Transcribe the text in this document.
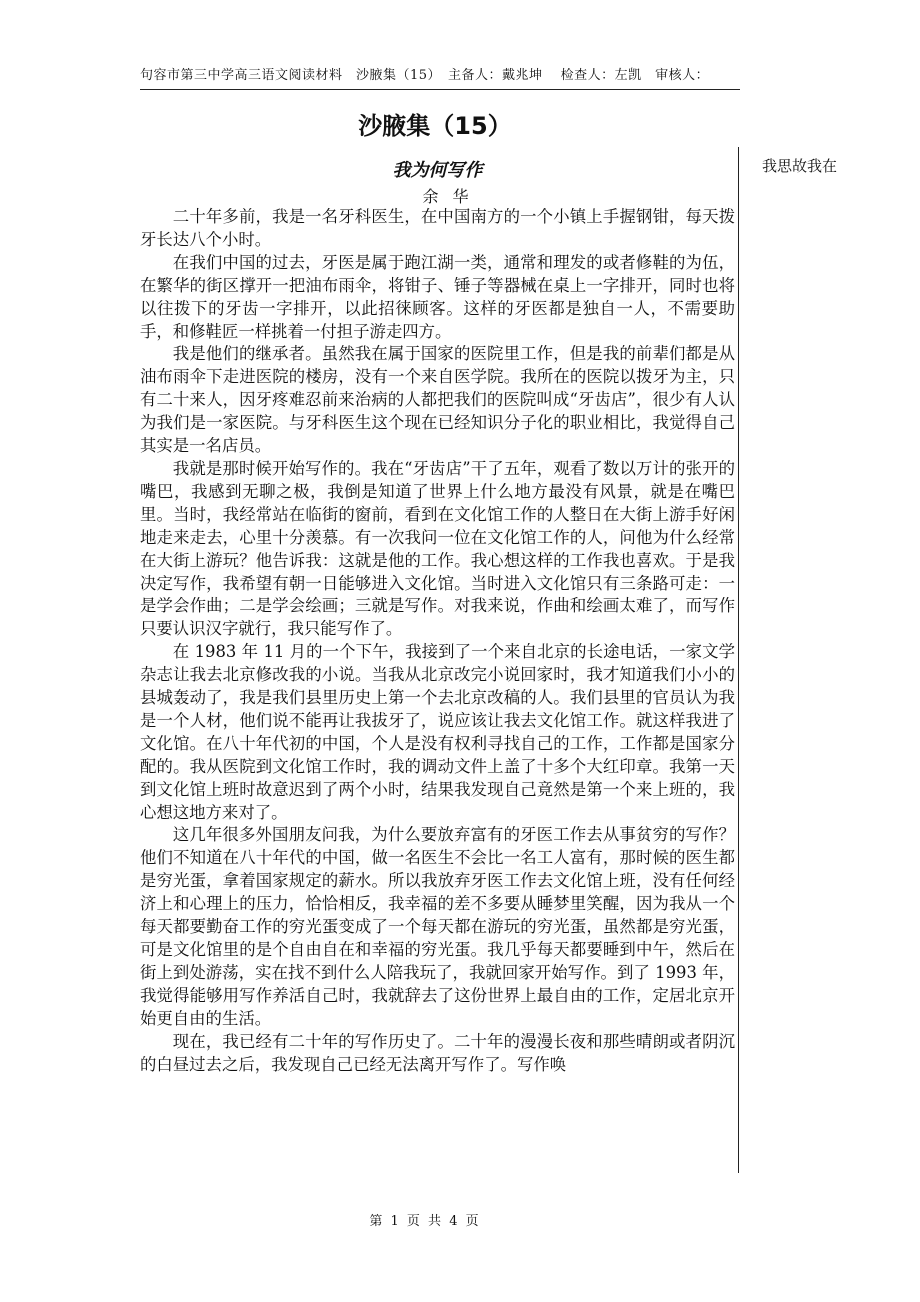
句容市第三中学高三语文阅读材料　沙腋集（15）　主备人：戴兆坤　 检查人：左凯　审核人：
沙腋集（15）
我为何写作
余华

二十年多前，我是一名牙科医生，在中国南方的一个小镇上手握钢钳，每天拨牙长达八个小时。

在我们中国的过去，牙医是属于跑江湖一类，通常和理发的或者修鞋的为伍，在繁华的街区撑开一把油布雨伞，将钳子、锤子等器械在桌上一字排开，同时也将以往拨下的牙齿一字排开，以此招徕顾客。这样的牙医都是独自一人，不需要助手，和修鞋匠一样挑着一付担子游走四方。

我是他们的继承者。虽然我在属于国家的医院里工作，但是我的前辈们都是从油布雨伞下走进医院的楼房，没有一个来自医学院。我所在的医院以拨牙为主，只有二十来人，因牙疼难忍前来治病的人都把我们的医院叫成“牙齿店”，很少有人认为我们是一家医院。与牙科医生这个现在已经知识分子化的职业相比，我觉得自己其实是一名店员。

我就是那时候开始写作的。我在“牙齿店”干了五年，观看了数以万计的张开的嘴巴，我感到无聊之极，我倒是知道了世界上什么地方最没有风景，就是在嘴巴里。当时，我经常站在临街的窗前，看到在文化馆工作的人整日在大街上游手好闲地走来走去，心里十分羡慕。有一次我问一位在文化馆工作的人，问他为什么经常在大街上游玩？他告诉我：这就是他的工作。我心想这样的工作我也喜欢。于是我决定写作，我希望有朝一日能够进入文化馆。当时进入文化馆只有三条路可走：一是学会作曲；二是学会绘画；三就是写作。对我来说，作曲和绘画太难了，而写作只要认识汉字就行，我只能写作了。

在 1983 年 11 月的一个下午，我接到了一个来自北京的长途电话，一家文学杂志让我去北京修改我的小说。当我从北京改完小说回家时，我才知道我们小小的县城轰动了，我是我们县里历史上第一个去北京改稿的人。我们县里的官员认为我是一个人材，他们说不能再让我拔牙了，说应该让我去文化馆工作。就这样我进了文化馆。在八十年代初的中国，个人是没有权利寻找自己的工作，工作都是国家分配的。我从医院到文化馆工作时，我的调动文件上盖了十多个大红印章。我第一天到文化馆上班时故意迟到了两个小时，结果我发现自己竟然是第一个来上班的，我心想这地方来对了。

这几年很多外国朋友问我，为什么要放弃富有的牙医工作去从事贫穷的写作？他们不知道在八十年代的中国，做一名医生不会比一名工人富有，那时候的医生都是穷光蛋，拿着国家规定的薪水。所以我放弃牙医工作去文化馆上班，没有任何经济上和心理上的压力，恰恰相反，我幸福的差不多要从睡梦里笑醒，因为我从一个每天都要勤奋工作的穷光蛋变成了一个每天都在游玩的穷光蛋，虽然都是穷光蛋，可是文化馆里的是个自由自在和幸福的穷光蛋。我几乎每天都要睡到中午，然后在街上到处游荡，实在找不到什么人陪我玩了，我就回家开始写作。到了 1993 年，我觉得能够用写作养活自己时，我就辞去了这份世界上最自由的工作，定居北京开始更自由的生活。

现在，我已经有二十年的写作历史了。二十年的漫漫长夜和那些晴朗或者阴沉的白昼过去之后，我发现自己已经无法离开写作了。写作唤

我思故我在
第 1 页 共 4 页
